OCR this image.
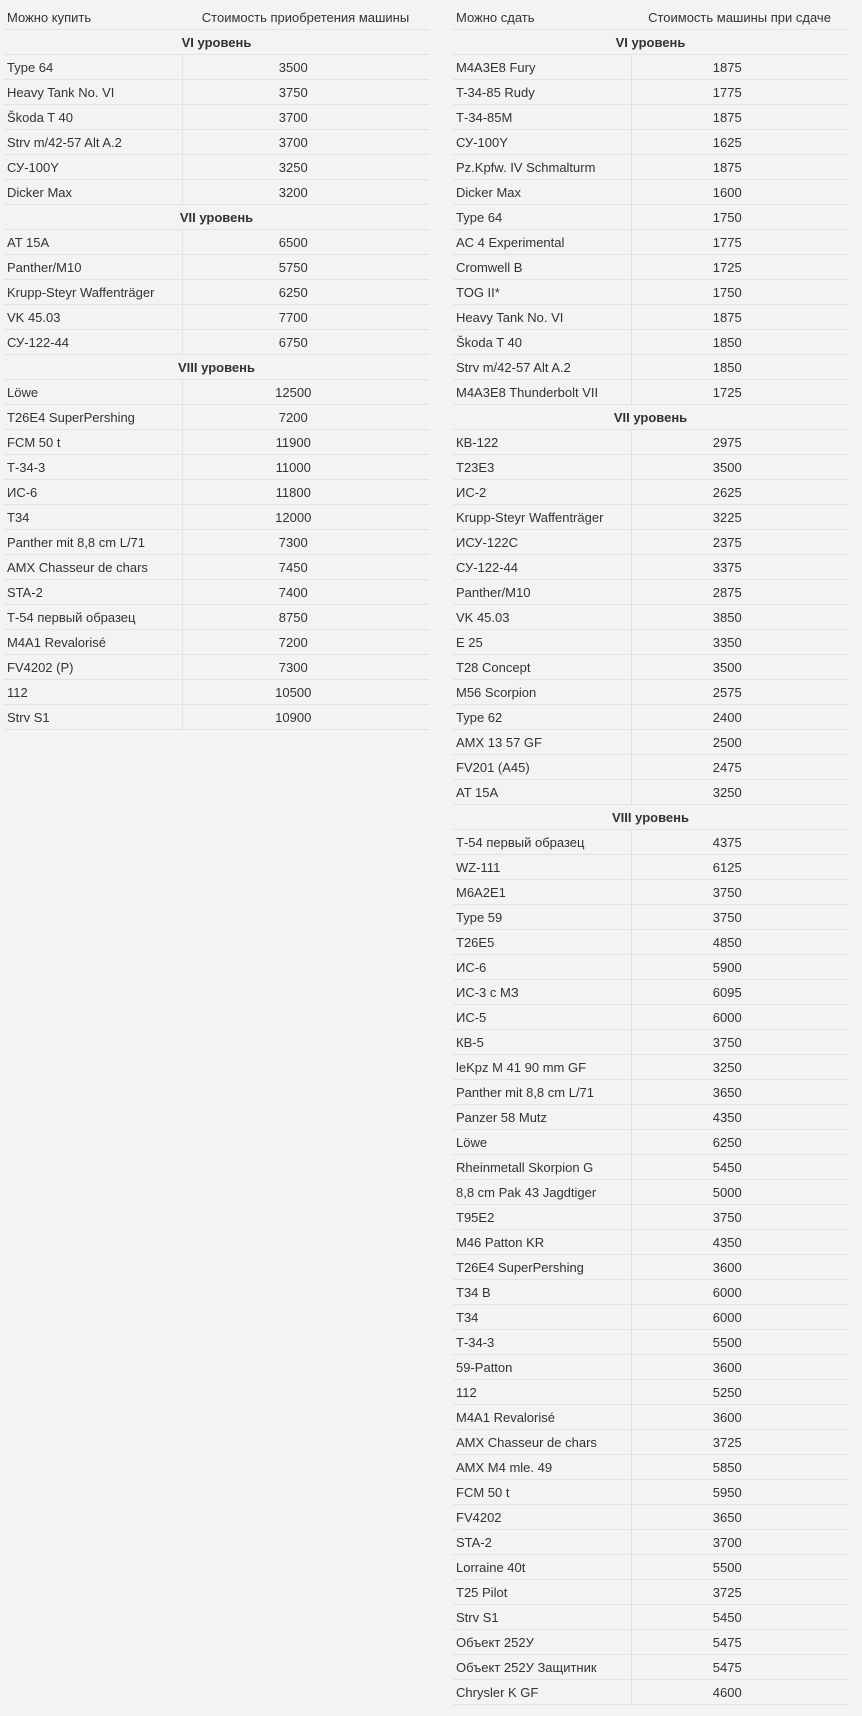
Можно купить	Стоимость приобретения машины
VI уровень	
Type 64	3500
Heavy Tank No. VI	3750
Škoda T 40	3700
Strv m/42-57 Alt A.2	3700
СУ-100Y	3250
Dicker Max	3200
VII уровень	
AT 15A	6500
Panther/M10	5750
Krupp-Steyr Waffenträger	6250
VK 45.03	7700
СУ-122-44	6750
VIII уровень	
Löwe	12500
T26E4 SuperPershing	7200
FCM 50 t	11900
Т-34-3	11000
ИС-6	11800
T34	12000
Panther mit 8,8 cm L/71	7300
AMX Chasseur de chars	7450
STA-2	7400
Т-54 первый образец	8750
M4A1 Revalorisé	7200
FV4202 (P)	7300
112	10500
Strv S1	10900
Можно сдать	Стоимость машины при сдаче
VI уровень	
M4A3E8 Fury	1875
T-34-85 Rudy	1775
Т-34-85М	1875
СУ-100Y	1625
Pz.Kpfw. IV Schmalturm	1875
Dicker Max	1600
Type 64	1750
AC 4 Experimental	1775
Cromwell B	1725
TOG II*	1750
Heavy Tank No. VI	1875
Škoda T 40	1850
Strv m/42-57 Alt A.2	1850
M4A3E8 Thunderbolt VII	1725
VII уровень	
КВ-122	2975
T23E3	3500
ИС-2	2625
Krupp-Steyr Waffenträger	3225
ИСУ-122С	2375
СУ-122-44	3375
Panther/M10	2875
VK 45.03	3850
E 25	3350
T28 Concept	3500
M56 Scorpion	2575
Type 62	2400
AMX 13 57 GF	2500
FV201 (A45)	2475
AT 15A	3250
VIII уровень	
Т-54 первый образец	4375
WZ-111	6125
M6A2E1	3750
Type 59	3750
T26E5	4850
ИС-6	5900
ИС-3 с МЗ	6095
ИС-5	6000
КВ-5	3750
leKpz M 41 90 mm GF	3250
Panther mit 8,8 cm L/71	3650
Panzer 58 Mutz	4350
Löwe	6250
Rheinmetall Skorpion G	5450
8,8 cm Pak 43 Jagdtiger	5000
T95E2	3750
M46 Patton KR	4350
T26E4 SuperPershing	3600
T34 B	6000
T34	6000
Т-34-3	5500
59-Patton	3600
112	5250
M4A1 Revalorisé	3600
AMX Chasseur de chars	3725
AMX M4 mle. 49	5850
FCM 50 t	5950
FV4202	3650
STA-2	3700
Lorraine 40t	5500
T25 Pilot	3725
Strv S1	5450
Объект 252У	5475
Объект 252У Защитник	5475
Chrysler K GF	4600
